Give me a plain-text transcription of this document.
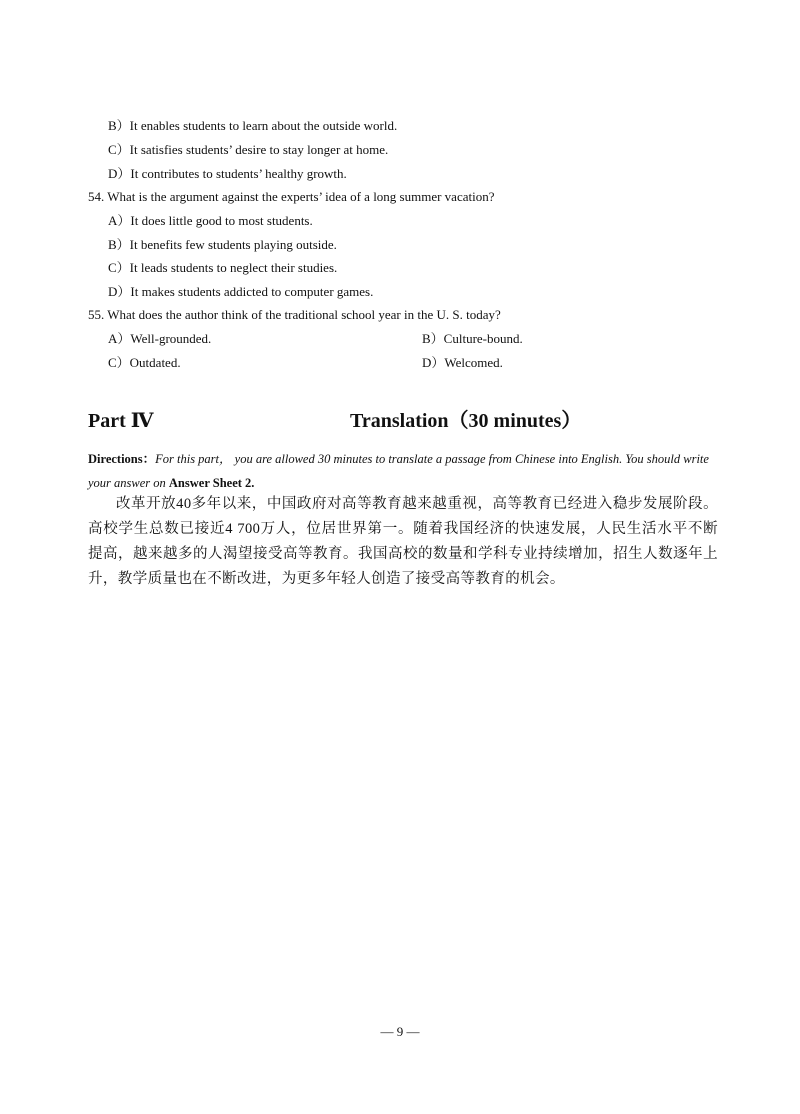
B）It enables students to learn about the outside world.
C）It satisfies students’ desire to stay longer at home.
D）It contributes to students’ healthy growth.
54. What is the argument against the experts’ idea of a long summer vacation?
A）It does little good to most students.
B）It benefits few students playing outside.
C）It leads students to neglect their studies.
D）It makes students addicted to computer games.
55. What does the author think of the traditional school year in the U. S. today?
A）Well-grounded.	B）Culture-bound.
C）Outdated.	D）Welcomed.
Part Ⅳ	Translation（30 minutes）
Directions：For this part， you are allowed 30 minutes to translate a passage from Chinese into English. You should write your answer on Answer Sheet 2.
改革开放40多年以来，中国政府对高等教育越来越重视，高等教育已经进入稳步发展阶段。高校学生总数已接近4 700万人，位居世界第一。随着我国经济的快速发展，人民生活水平不断提高，越来越多的人渴望接受高等教育。我国高校的数量和学科专业持续增加，招生人数逐年上升，教学质量也在不断改进，为更多年轻人创造了接受高等教育的机会。
— 9 —
